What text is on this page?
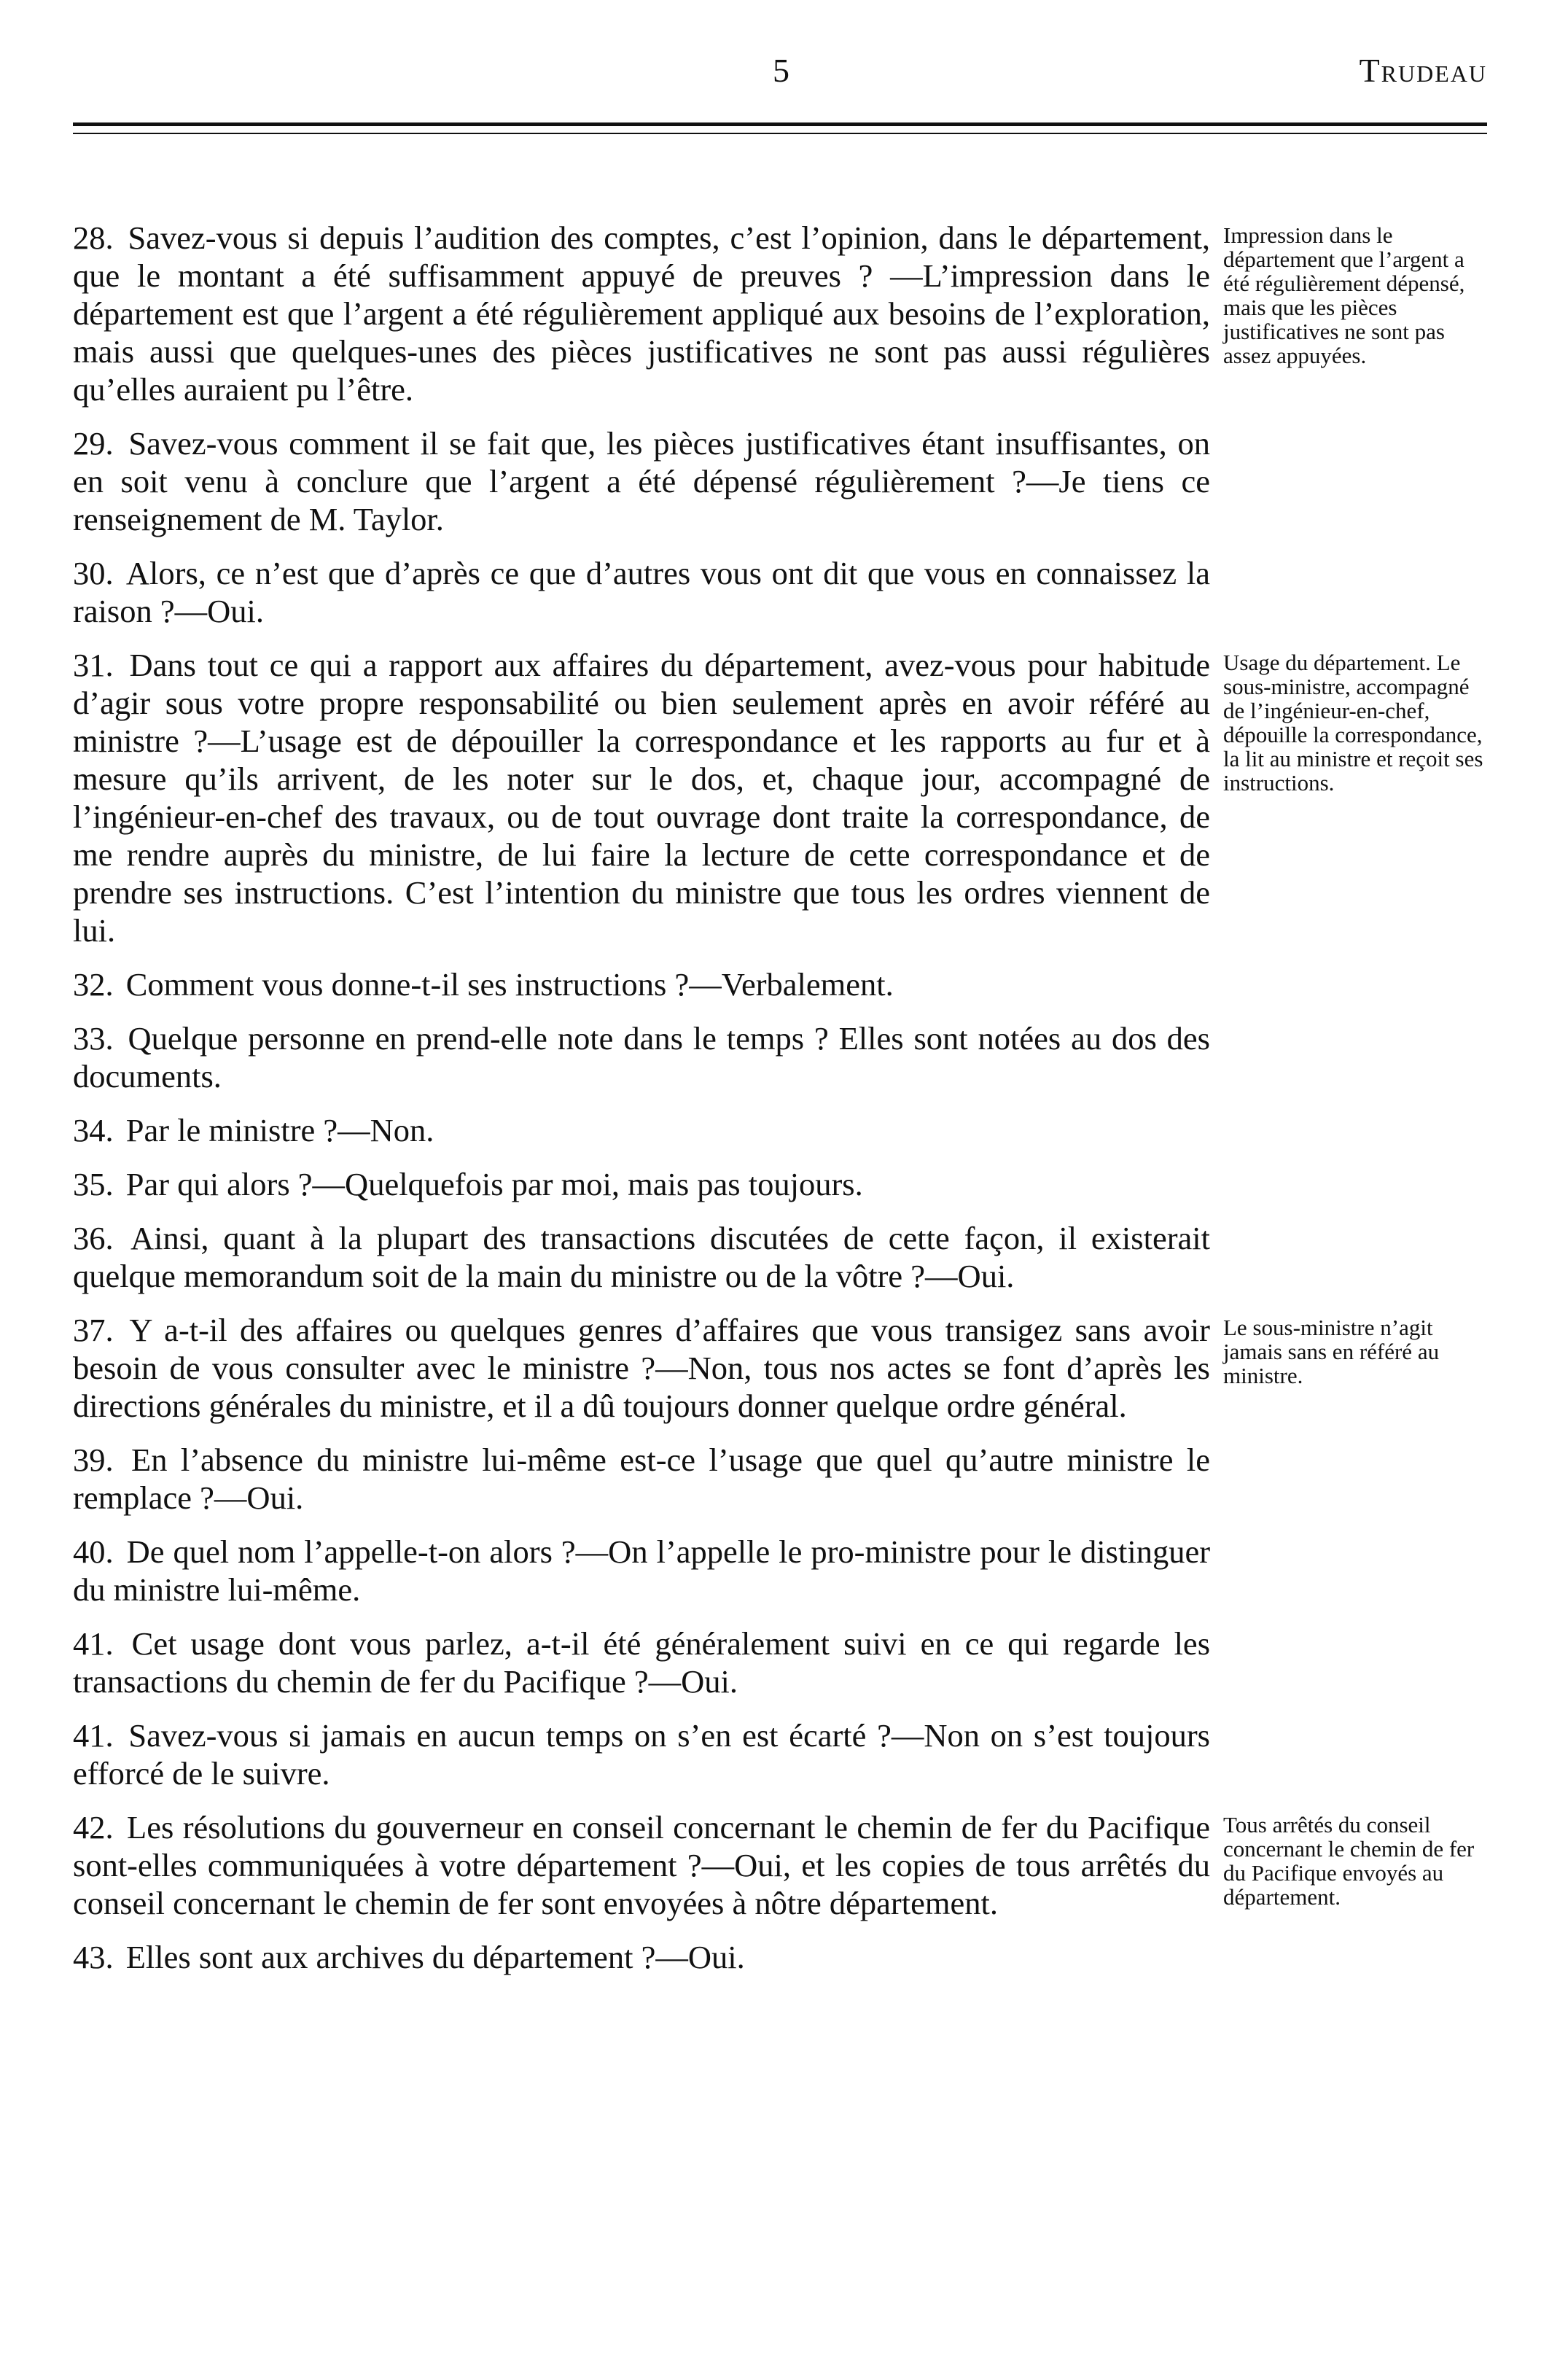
5	Trudeau

28. Savez-vous si depuis l’audition des comptes, c’est l’opinion, dans le département, que le montant a été suffisamment appuyé de preuves ? —L’impression dans le département est que l’argent a été régulièrement appliqué aux besoins de l’exploration, mais aussi que quelques-unes des pièces justificatives ne sont pas aussi régulières qu’elles auraient pu l’être.

Impression dans le département que l’argent a été régulièrement dépensé, mais que les pièces justificatives ne sont pas assez appuyées.

29. Savez-vous comment il se fait que, les pièces justificatives étant insuffisantes, on en soit venu à conclure que l’argent a été dépensé régulièrement ?—Je tiens ce renseignement de M. Taylor.

30. Alors, ce n’est que d’après ce que d’autres vous ont dit que vous en connaissez la raison ?—Oui.

31. Dans tout ce qui a rapport aux affaires du département, avez-vous pour habitude d’agir sous votre propre responsabilité ou bien seulement après en avoir référé au ministre ?—L’usage est de dépouiller la correspondance et les rapports au fur et à mesure qu’ils arrivent, de les noter sur le dos, et, chaque jour, accompagné de l’ingénieur-en-chef des travaux, ou de tout ouvrage dont traite la correspondance, de me rendre auprès du ministre, de lui faire la lecture de cette correspondance et de prendre ses instructions. C’est l’intention du ministre que tous les ordres viennent de lui.

Usage du département. Le sous-ministre, accompagné de l’ingénieur-en-chef, dépouille la correspondance, la lit au ministre et reçoit ses instructions.

32. Comment vous donne-t-il ses instructions ?—Verbalement.

33. Quelque personne en prend-elle note dans le temps ? Elles sont notées au dos des documents.

34. Par le ministre ?—Non.

35. Par qui alors ?—Quelquefois par moi, mais pas toujours.

36. Ainsi, quant à la plupart des transactions discutées de cette façon, il existerait quelque memorandum soit de la main du ministre ou de la vôtre ?—Oui.

37. Y a-t-il des affaires ou quelques genres d’affaires que vous transigez sans avoir besoin de vous consulter avec le ministre ?—Non, tous nos actes se font d’après les directions générales du ministre, et il a dû toujours donner quelque ordre général.

Le sous-ministre n’agit jamais sans en référé au ministre.

39. En l’absence du ministre lui-même est-ce l’usage que quel qu’autre ministre le remplace ?—Oui.

40. De quel nom l’appelle-t-on alors ?—On l’appelle le pro-ministre pour le distinguer du ministre lui-même.

41. Cet usage dont vous parlez, a-t-il été généralement suivi en ce qui regarde les transactions du chemin de fer du Pacifique ?—Oui.

41. Savez-vous si jamais en aucun temps on s’en est écarté ?—Non on s’est toujours efforcé de le suivre.

42. Les résolutions du gouverneur en conseil concernant le chemin de fer du Pacifique sont-elles communiquées à votre département ?—Oui, et les copies de tous arrêtés du conseil concernant le chemin de fer sont envoyées à nôtre département.

Tous arrêtés du conseil concernant le chemin de fer du Pacifique envoyés au département.

43. Elles sont aux archives du département ?—Oui.
